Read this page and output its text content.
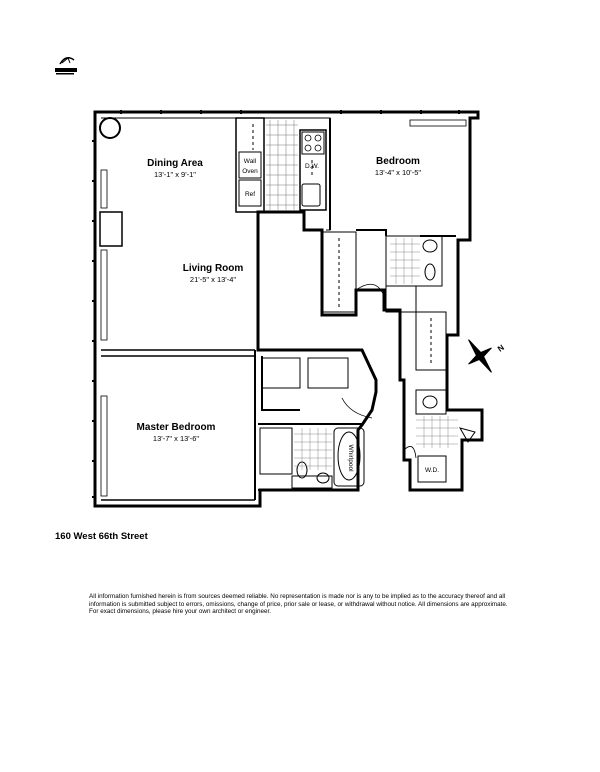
N
Dining Area
13'-1" x 9'-1"
Bedroom
13'-4" x 10'-5"
Living Room
21'-5" x 13'-4"
Master Bedroom
13'-7" x 13'-6"
Wall
Oven
Ref
D.W.
W.D.
Whirlpool
160 West 66th Street
All information furnished herein is from sources deemed reliable. No representation is made nor is any to be implied as to the accuracy thereof and all information is submitted subject to errors, omissions, change of price, prior sale or lease, or withdrawal without notice. All dimensions are approximate. For exact dimensions, please hire your own architect or engineer.
